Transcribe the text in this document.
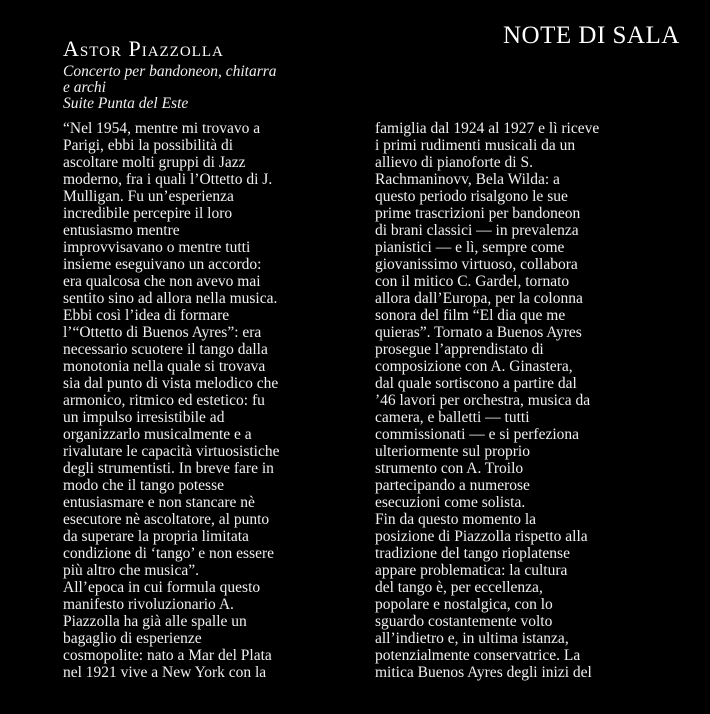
NOTE DI SALA
Astor Piazzolla
Concerto per bandoneon, chitarra
e archi
Suite Punta del Este
“Nel 1954, mentre mi trovavo a
Parigi, ebbi la possibilità di
ascoltare molti gruppi di Jazz
moderno, fra i quali l’Ottetto di J.
Mulligan. Fu un’esperienza
incredibile percepire il loro
entusiasmo mentre
improvvisavano o mentre tutti
insieme eseguivano un accordo:
era qualcosa che non avevo mai
sentito sino ad allora nella musica.
Ebbi così l’idea di formare
l’“Ottetto di Buenos Ayres”: era
necessario scuotere il tango dalla
monotonia nella quale si trovava
sia dal punto di vista melodico che
armonico, ritmico ed estetico: fu
un impulso irresistibile ad
organizzarlo musicalmente e a
rivalutare le capacità virtuosistiche
degli strumentisti. In breve fare in
modo che il tango potesse
entusiasmare e non stancare nè
esecutore nè ascoltatore, al punto
da superare la propria limitata
condizione di ‘tango’ e non essere
più altro che musica”.
All’epoca in cui formula questo
manifesto rivoluzionario A.
Piazzolla ha già alle spalle un
bagaglio di esperienze
cosmopolite: nato a Mar del Plata
nel 1921 vive a New York con la
famiglia dal 1924 al 1927 e lì riceve
i primi rudimenti musicali da un
allievo di pianoforte di S.
Rachmaninovv, Bela Wilda: a
questo periodo risalgono le sue
prime trascrizioni per bandoneon
di brani classici — in prevalenza
pianistici — e lì, sempre come
giovanissimo virtuoso, collabora
con il mitico C. Gardel, tornato
allora dall’Europa, per la colonna
sonora del film “El dia que me
quieras”. Tornato a Buenos Ayres
prosegue l’apprendistato di
composizione con A. Ginastera,
dal quale sortiscono a partire dal
’46 lavori per orchestra, musica da
camera, e balletti — tutti
commissionati — e si perfeziona
ulteriormente sul proprio
strumento con A. Troilo
partecipando a numerose
esecuzioni come solista.
Fin da questo momento la
posizione di Piazzolla rispetto alla
tradizione del tango rioplatense
appare problematica: la cultura
del tango è, per eccellenza,
popolare e nostalgica, con lo
sguardo costantemente volto
all’indietro e, in ultima istanza,
potenzialmente conservatrice. La
mitica Buenos Ayres degli inizi del
